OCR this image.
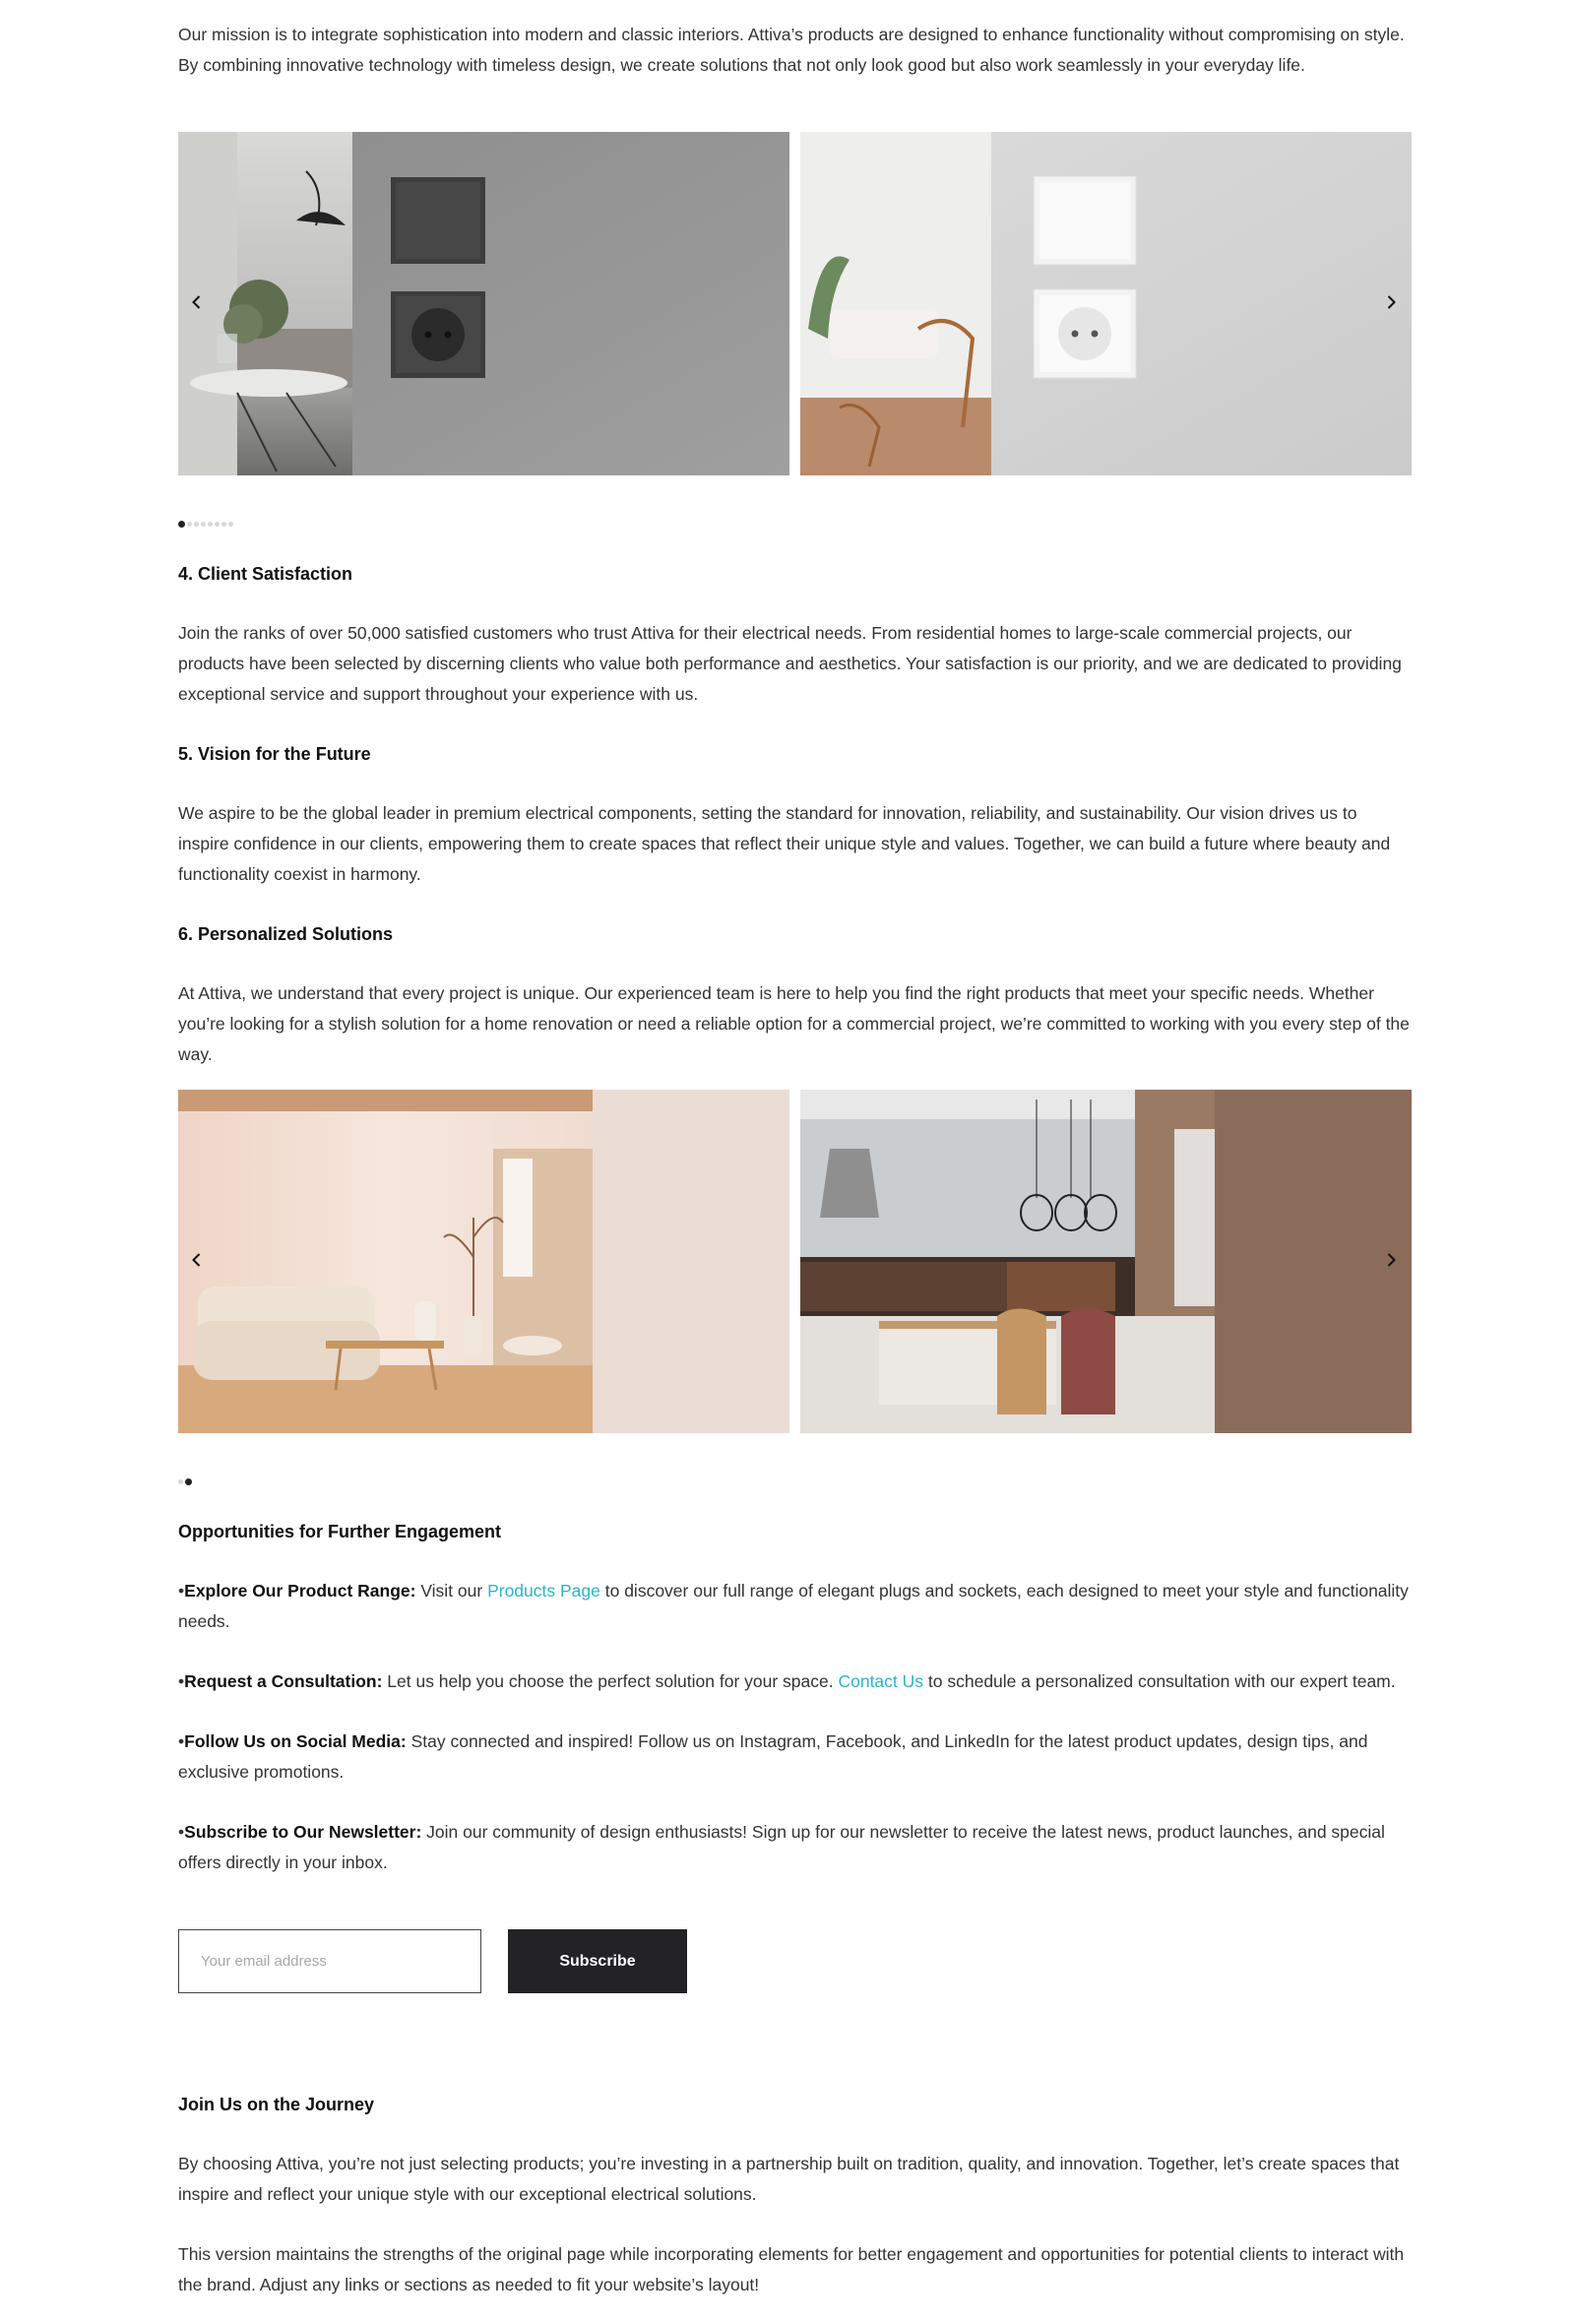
Our mission is to integrate sophistication into modern and classic interiors. Attiva’s products are designed to enhance functionality without compromising on style. By combining innovative technology with timeless design, we create solutions that not only look good but also work seamlessly in your everyday life.

4. Client Satisfaction

Join the ranks of over 50,000 satisfied customers who trust Attiva for their electrical needs. From residential homes to large-scale commercial projects, our products have been selected by discerning clients who value both performance and aesthetics. Your satisfaction is our priority, and we are dedicated to providing exceptional service and support throughout your experience with us.

5. Vision for the Future

We aspire to be the global leader in premium electrical components, setting the standard for innovation, reliability, and sustainability. Our vision drives us to inspire confidence in our clients, empowering them to create spaces that reflect their unique style and values. Together, we can build a future where beauty and functionality coexist in harmony.

6. Personalized Solutions

At Attiva, we understand that every project is unique. Our experienced team is here to help you find the right products that meet your specific needs. Whether you’re looking for a stylish solution for a home renovation or need a reliable option for a commercial project, we’re committed to working with you every step of the way.

Opportunities for Further Engagement

•Explore Our Product Range: Visit our Products Page to discover our full range of elegant plugs and sockets, each designed to meet your style and functionality needs.

•Request a Consultation: Let us help you choose the perfect solution for your space. Contact Us to schedule a personalized consultation with our expert team.

•Follow Us on Social Media: Stay connected and inspired! Follow us on Instagram, Facebook, and LinkedIn for the latest product updates, design tips, and exclusive promotions.

•Subscribe to Our Newsletter: Join our community of design enthusiasts! Sign up for our newsletter to receive the latest news, product launches, and special offers directly in your inbox.

Your email address
Subscribe
Join Us on the Journey

By choosing Attiva, you’re not just selecting products; you’re investing in a partnership built on tradition, quality, and innovation. Together, let’s create spaces that inspire and reflect your unique style with our exceptional electrical solutions.

This version maintains the strengths of the original page while incorporating elements for better engagement and opportunities for potential clients to interact with the brand. Adjust any links or sections as needed to fit your website’s layout!
